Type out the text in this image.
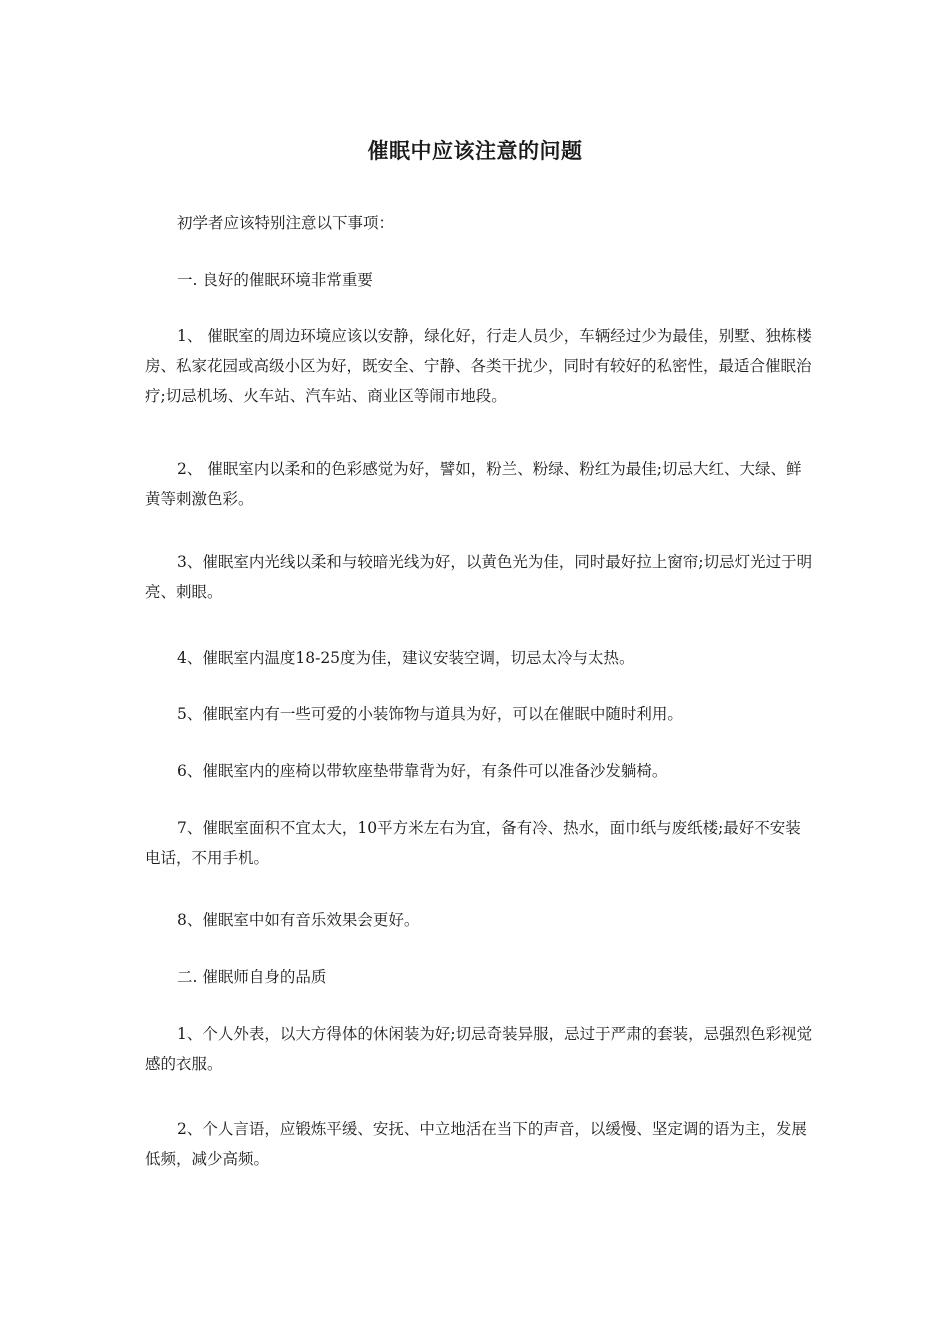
催眠中应该注意的问题

初学者应该特别注意以下事项：

一. 良好的催眠环境非常重要

1、 催眠室的周边环境应该以安静，绿化好，行走人员少，车辆经过少为最佳，别墅、独栋楼房、私家花园或高级小区为好，既安全、宁静、各类干扰少，同时有较好的私密性，最适合催眠治疗;切忌机场、火车站、汽车站、商业区等闹市地段。

2、 催眠室内以柔和的色彩感觉为好，譬如，粉兰、粉绿、粉红为最佳;切忌大红、大绿、鲜黄等刺激色彩。

3、催眠室内光线以柔和与较暗光线为好，以黄色光为佳，同时最好拉上窗帘;切忌灯光过于明亮、刺眼。

4、催眠室内温度18-25度为佳，建议安装空调，切忌太冷与太热。

5、催眠室内有一些可爱的小装饰物与道具为好，可以在催眠中随时利用。

6、催眠室内的座椅以带软座垫带靠背为好，有条件可以准备沙发躺椅。

7、催眠室面积不宜太大，10平方米左右为宜，备有冷、热水，面巾纸与废纸楼;最好不安装电话，不用手机。

8、催眠室中如有音乐效果会更好。

二. 催眠师自身的品质

1、个人外表，以大方得体的休闲装为好;切忌奇装异服，忌过于严肃的套装，忌强烈色彩视觉感的衣服。

2、个人言语，应锻炼平缓、安抚、中立地活在当下的声音，以缓慢、坚定调的语为主，发展低频，减少高频。
